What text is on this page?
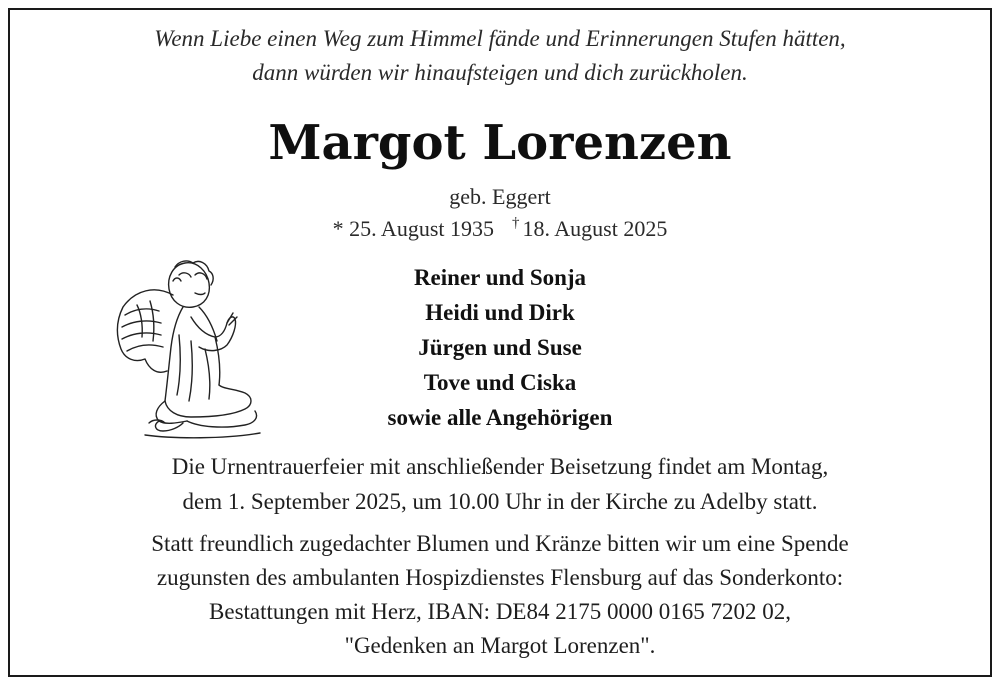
Wenn Liebe einen Weg zum Himmel fände und Erinnerungen Stufen hätten,
dann würden wir hinaufsteigen und dich zurückholen.
Margot Lorenzen
geb. Eggert
* 25. August 1935 † 18. August 2025
Reiner und Sonja
Heidi und Dirk
Jürgen und Suse
Tove und Ciska
sowie alle Angehörigen
Die Urnentrauerfeier mit anschließender Beisetzung findet am Montag,
dem 1. September 2025, um 10.00 Uhr in der Kirche zu Adelby statt.
Statt freundlich zugedachter Blumen und Kränze bitten wir um eine Spende
zugunsten des ambulanten Hospizdienstes Flensburg auf das Sonderkonto:
Bestattungen mit Herz, IBAN: DE84 2175 0000 0165 7202 02,
"Gedenken an Margot Lorenzen".
